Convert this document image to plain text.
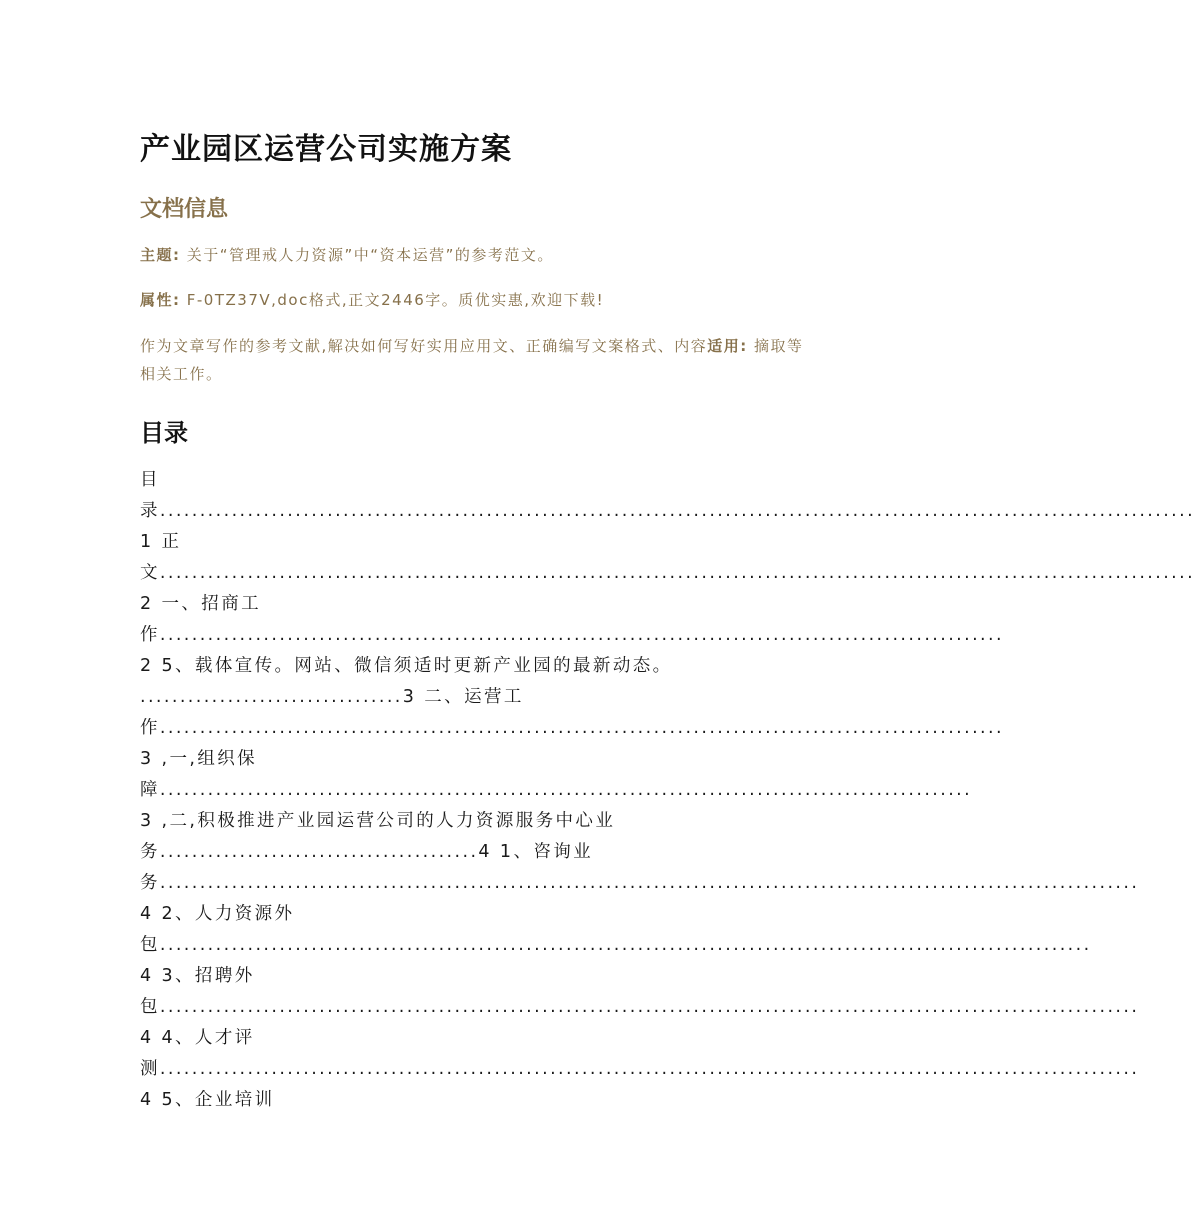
产业园区运营公司实施方案
文档信息
主题: 关于“管理戒人力资源”中“资本运营”的参考范文。
属性: F-0TZ37V,doc格式,正文2446字。质优实惠,欢迎下载!
作为文章写作的参考文献,解决如何写好实用应用文、正确编写文案格式、内容适用: 摘取等相关工作。
目录
目录..................................................................................................................................1 正文..................................................................................................................................2 一、招商工作..........................................................................................................2 5、载体宣传。网站、微信须适时更新产业园的最新动态。 .................................3 二、运营工作..........................................................................................................3 ,一,组织保障......................................................................................................3 ,二,积极推进产业园运营公司的人力资源服务中心业务........................................4 1、咨询业务...........................................................................................................................4 2、人力资源外包.....................................................................................................................4 3、招聘外包...........................................................................................................................4 4、人才评测...........................................................................................................................4 5、企业培训
